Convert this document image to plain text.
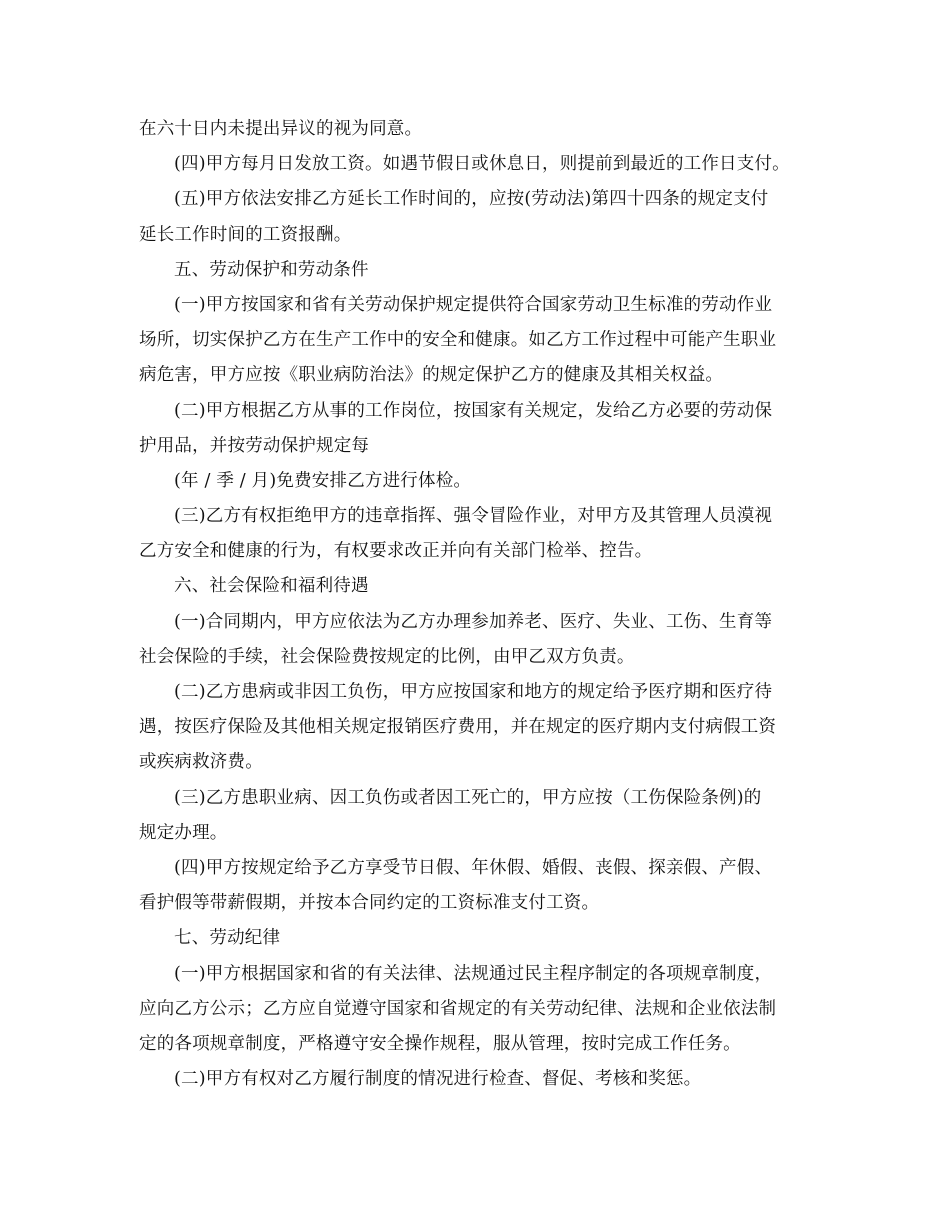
在六十日内未提出异议的视为同意。
(四)甲方每月日发放工资。如遇节假日或休息日，则提前到最近的工作日支付。
(五)甲方依法安排乙方延长工作时间的，应按(劳动法)第四十四条的规定支付
延长工作时间的工资报酬。
五、劳动保护和劳动条件
(一)甲方按国家和省有关劳动保护规定提供符合国家劳动卫生标准的劳动作业
场所，切实保护乙方在生产工作中的安全和健康。如乙方工作过程中可能产生职业
病危害，甲方应按《职业病防治法》的规定保护乙方的健康及其相关权益。
(二)甲方根据乙方从事的工作岗位，按国家有关规定，发给乙方必要的劳动保
护用品，并按劳动保护规定每
(年 / 季 / 月)免费安排乙方进行体检。
(三)乙方有权拒绝甲方的违章指挥、强令冒险作业，对甲方及其管理人员漠视
乙方安全和健康的行为，有权要求改正并向有关部门检举、控告。
六、社会保险和福利待遇
(一)合同期内，甲方应依法为乙方办理参加养老、医疗、失业、工伤、生育等
社会保险的手续，社会保险费按规定的比例，由甲乙双方负责。
(二)乙方患病或非因工负伤，甲方应按国家和地方的规定给予医疗期和医疗待
遇，按医疗保险及其他相关规定报销医疗费用，并在规定的医疗期内支付病假工资
或疾病救济费。
(三)乙方患职业病、因工负伤或者因工死亡的，甲方应按（工伤保险条例)的
规定办理。
(四)甲方按规定给予乙方享受节日假、年休假、婚假、丧假、探亲假、产假、
看护假等带薪假期，并按本合同约定的工资标准支付工资。
七、劳动纪律
(一)甲方根据国家和省的有关法律、法规通过民主程序制定的各项规章制度，
应向乙方公示；乙方应自觉遵守国家和省规定的有关劳动纪律、法规和企业依法制
定的各项规章制度，严格遵守安全操作规程，服从管理，按时完成工作任务。
(二)甲方有权对乙方履行制度的情况进行检查、督促、考核和奖惩。
